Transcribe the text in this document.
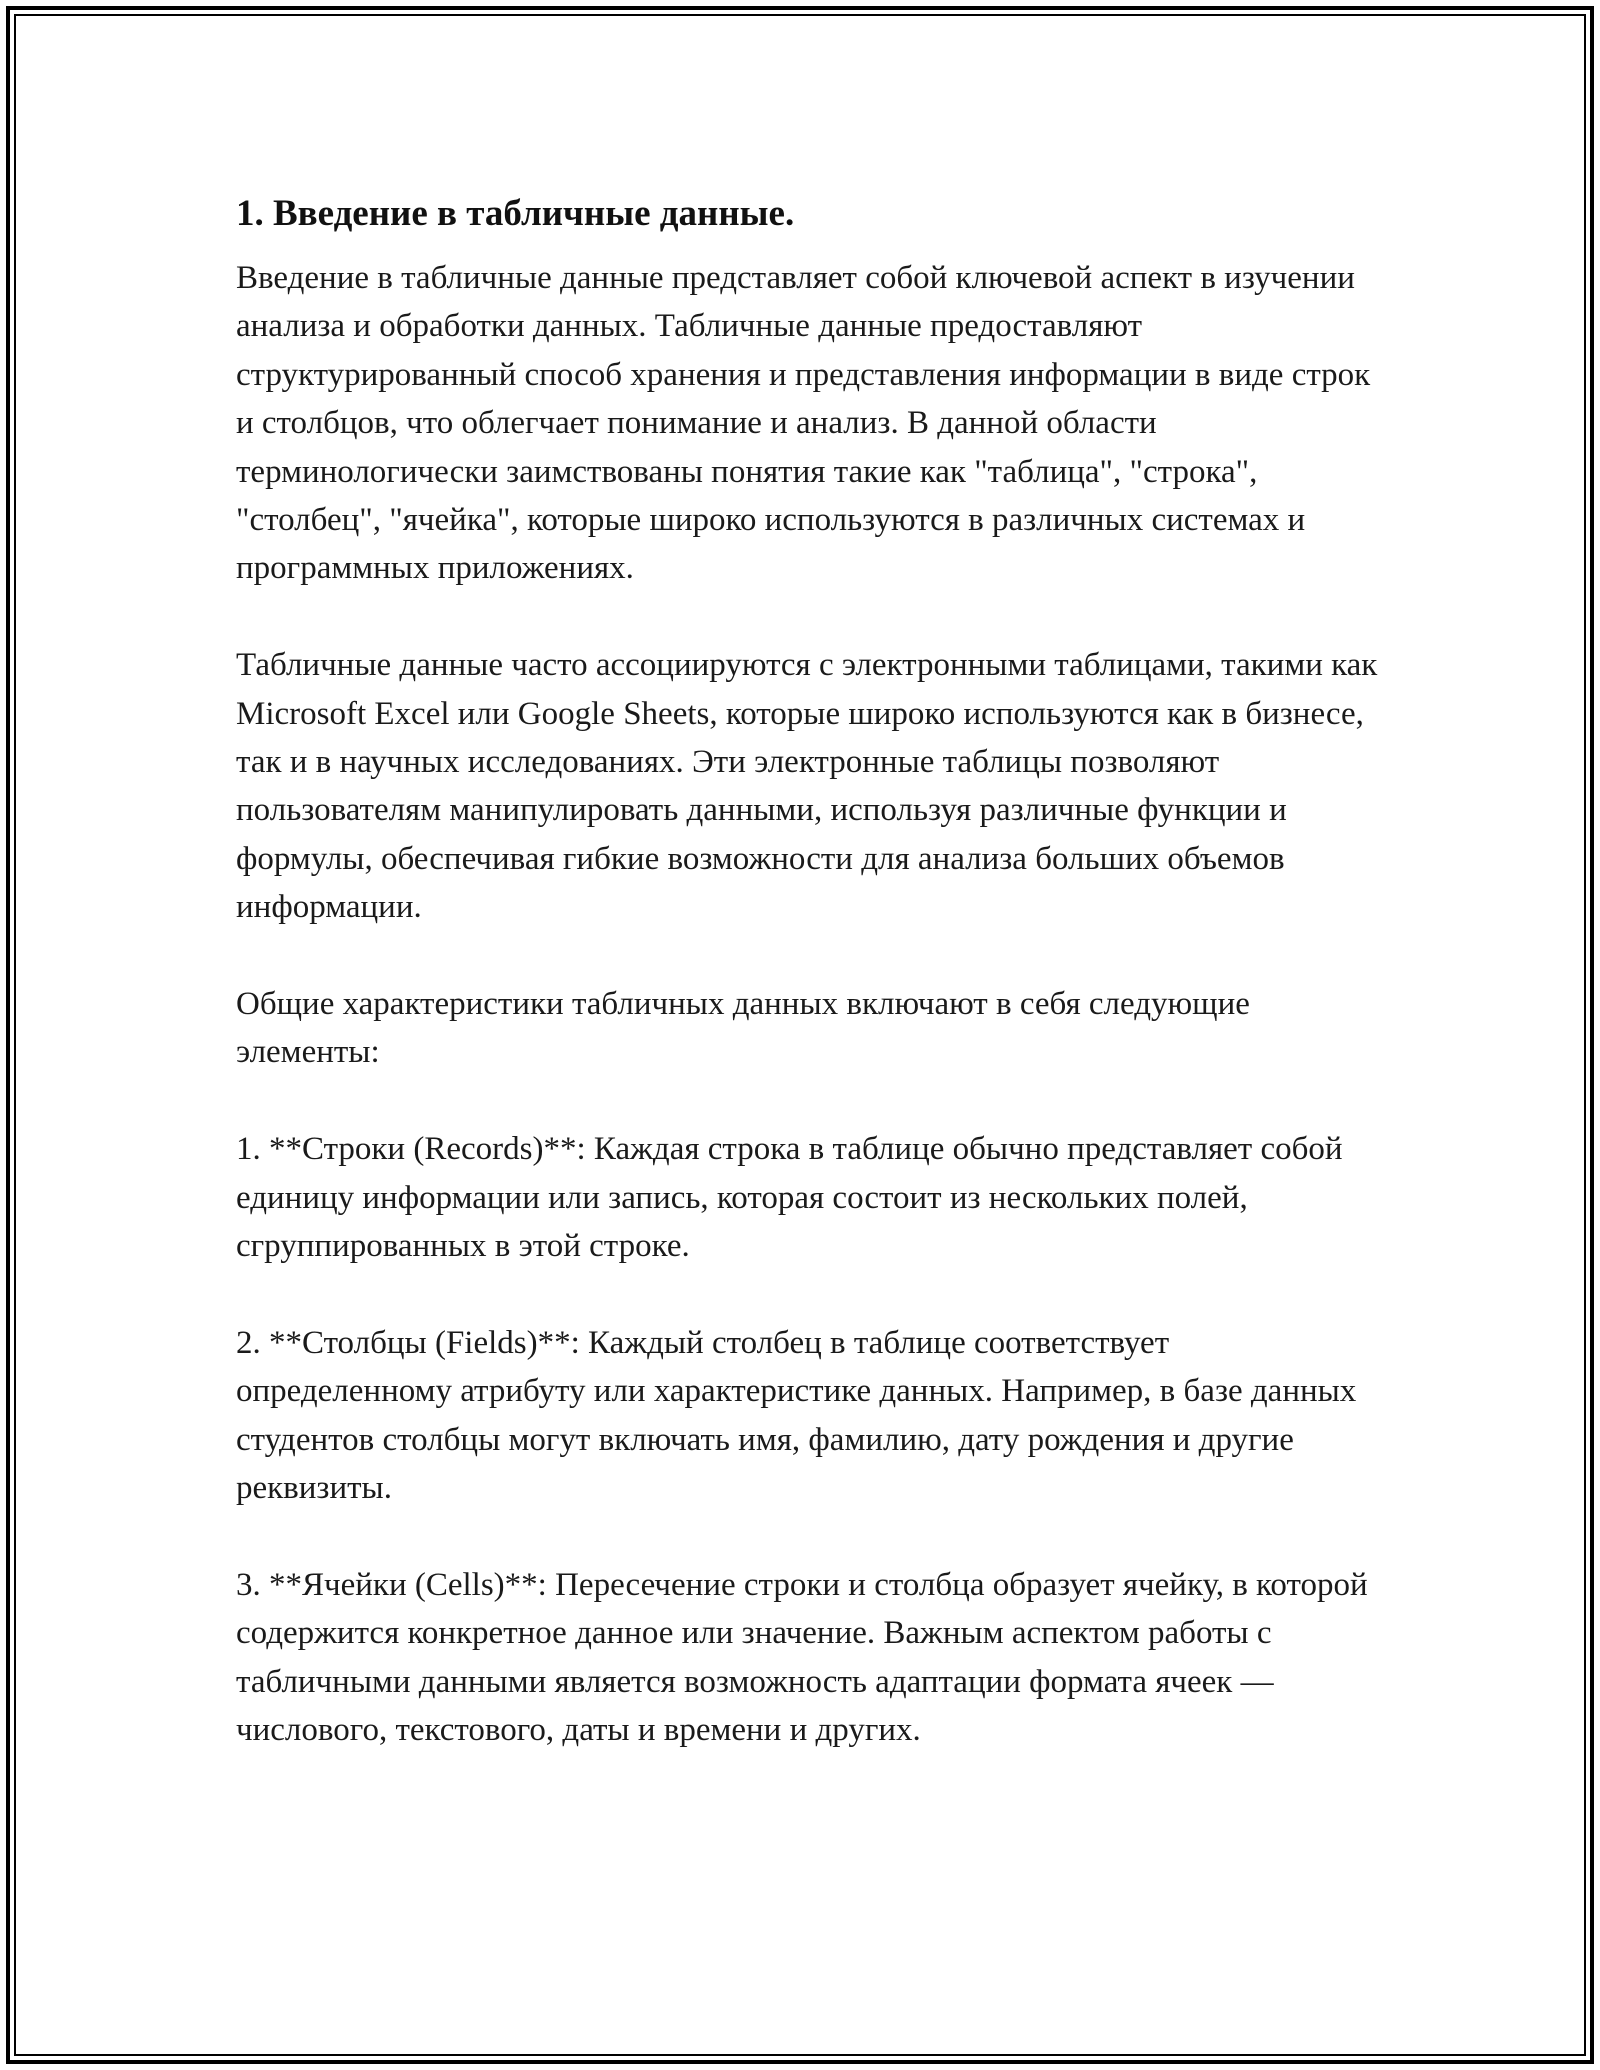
1. Введение в табличные данные.

Введение в табличные данные представляет собой ключевой аспект в изучении анализа и обработки данных. Табличные данные предоставляют структурированный способ хранения и представления информации в виде строк и столбцов, что облегчает понимание и анализ. В данной области терминологически заимствованы понятия такие как "таблица", "строка", "столбец", "ячейка", которые широко используются в различных системах и программных приложениях.

Табличные данные часто ассоциируются с электронными таблицами, такими как Microsoft Excel или Google Sheets, которые широко используются как в бизнесе, так и в научных исследованиях. Эти электронные таблицы позволяют пользователям манипулировать данными, используя различные функции и формулы, обеспечивая гибкие возможности для анализа больших объемов информации.

Общие характеристики табличных данных включают в себя следующие элементы:

1. **Строки (Records)**: Каждая строка в таблице обычно представляет собой единицу информации или запись, которая состоит из нескольких полей, сгруппированных в этой строке.

2. **Столбцы (Fields)**: Каждый столбец в таблице соответствует определенному атрибуту или характеристике данных. Например, в базе данных студентов столбцы могут включать имя, фамилию, дату рождения и другие реквизиты.

3. **Ячейки (Cells)**: Пересечение строки и столбца образует ячейку, в которой содержится конкретное данное или значение. Важным аспектом работы с табличными данными является возможность адаптации формата ячеек — числового, текстового, даты и времени и других.
